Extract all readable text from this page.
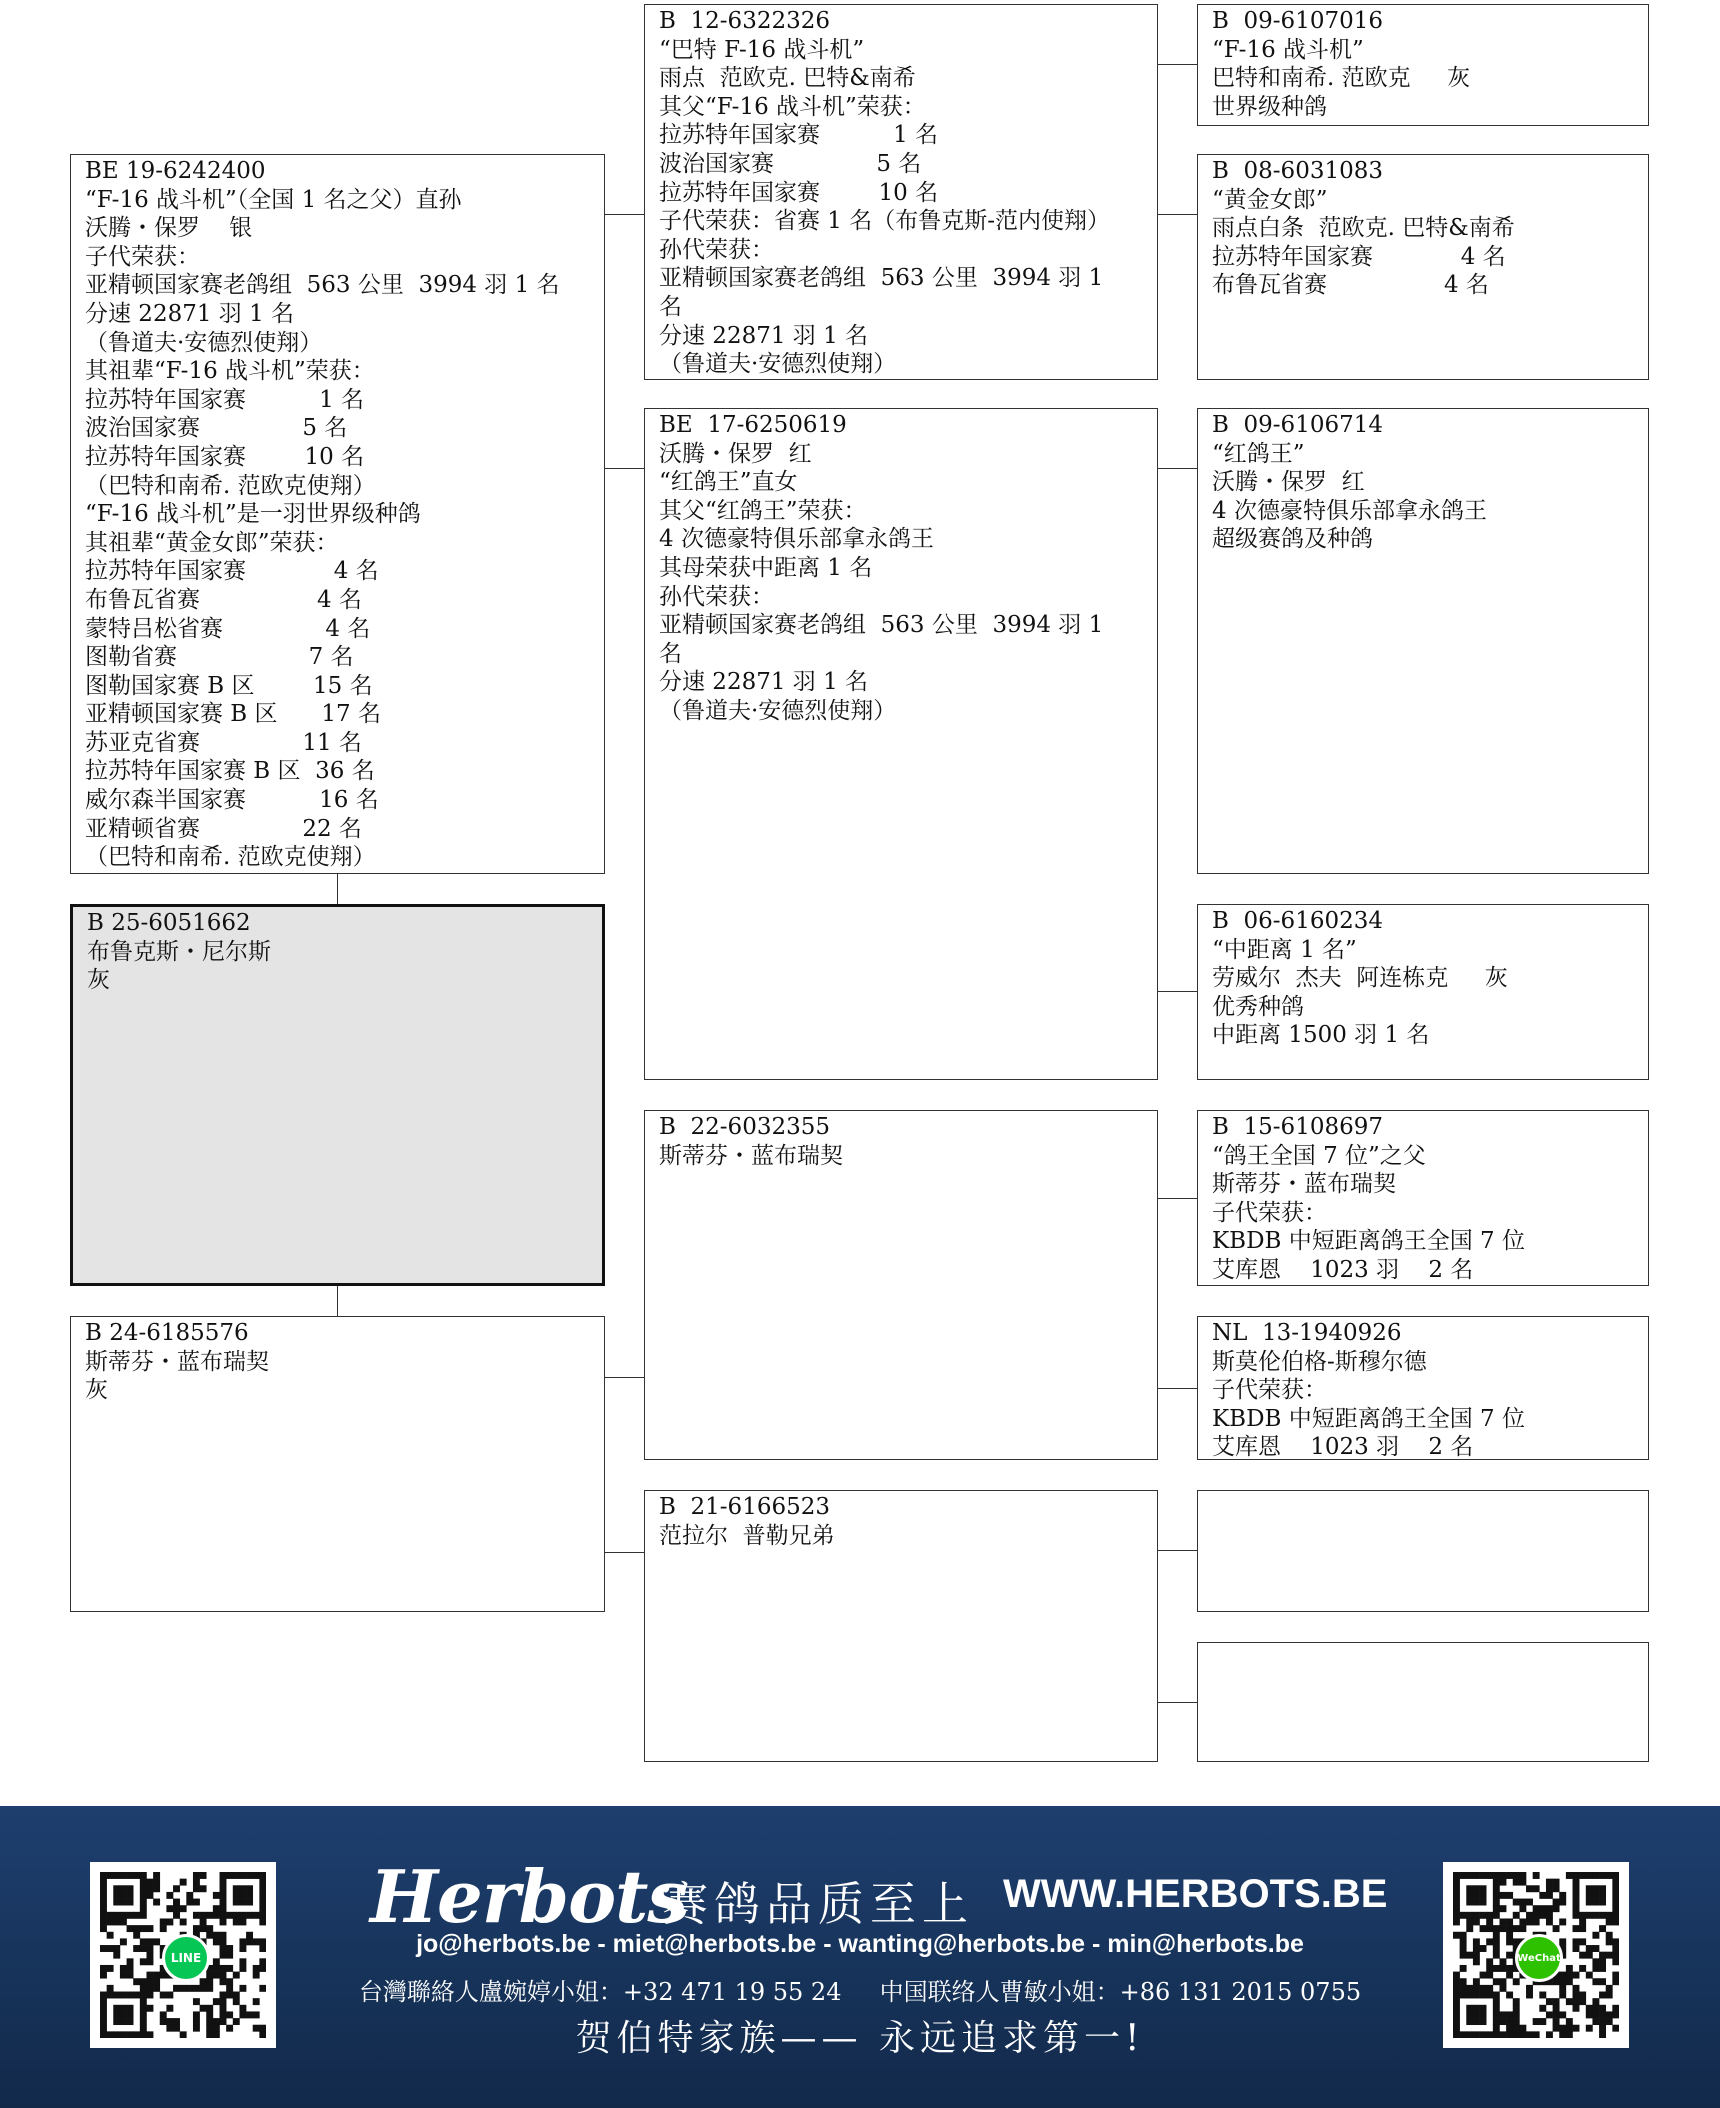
BE 19-6242400
“F-16 战斗机”（全国 1 名之父）直孙
沃腾・保罗    银
子代荣获：
亚精顿国家赛老鸽组  563 公里  3994 羽 1 名
分速 22871 羽 1 名
（鲁道夫·安德烈使翔）
其祖辈“F-16 战斗机”荣获：
拉苏特年国家赛          1 名
波治国家赛              5 名
拉苏特年国家赛        10 名
（巴特和南希. 范欧克使翔）
“F-16 战斗机”是一羽世界级种鸽
其祖辈“黄金女郎”荣获：
拉苏特年国家赛            4 名
布鲁瓦省赛                4 名
蒙特吕松省赛              4 名
图勒省赛                  7 名
图勒国家赛 B 区        15 名
亚精顿国家赛 B 区      17 名
苏亚克省赛              11 名
拉苏特年国家赛 B 区  36 名
威尔森半国家赛          16 名
亚精顿省赛              22 名
（巴特和南希. 范欧克使翔）
B 25-6051662
布鲁克斯・尼尔斯
灰
B 24-6185576
斯蒂芬・蓝布瑞契
灰
B  12-6322326
“巴特 F-16 战斗机”
雨点  范欧克. 巴特&南希
其父“F-16 战斗机”荣获：
拉苏特年国家赛          1 名
波治国家赛              5 名
拉苏特年国家赛        10 名
子代荣获：省赛 1 名（布鲁克斯-范内使翔）
孙代荣获：
亚精顿国家赛老鸽组  563 公里  3994 羽 1
名
分速 22871 羽 1 名
（鲁道夫·安德烈使翔）
BE  17-6250619
沃腾・保罗  红
“红鸽王”直女
其父“红鸽王”荣获：
4 次德豪特俱乐部拿永鸽王
其母荣获中距离 1 名
孙代荣获：
亚精顿国家赛老鸽组  563 公里  3994 羽 1
名
分速 22871 羽 1 名
（鲁道夫·安德烈使翔）
B  22-6032355
斯蒂芬・蓝布瑞契
B  21-6166523
范拉尔  普勒兄弟
B  09-6107016
“F-16 战斗机”
巴特和南希. 范欧克     灰
世界级种鸽
B  08-6031083
“黄金女郎”
雨点白条  范欧克. 巴特&南希
拉苏特年国家赛            4 名
布鲁瓦省赛                4 名
B  09-6106714
“红鸽王”
沃腾・保罗  红
4 次德豪特俱乐部拿永鸽王
超级赛鸽及种鸽
B  06-6160234
“中距离 1 名”
劳威尔  杰夫  阿连栋克     灰
优秀种鸽
中距离 1500 羽 1 名
B  15-6108697
“鸽王全国 7 位”之父
斯蒂芬・蓝布瑞契
子代荣获：
KBDB 中短距离鸽王全国 7 位
艾库恩    1023 羽    2 名
NL  13-1940926
斯莫伦伯格-斯穆尔德
子代荣获：
KBDB 中短距离鸽王全国 7 位
艾库恩    1023 羽    2 名
LINE
Herbots
赛鸽品质至上 WWW.HERBOTS.BE
jo@herbots.be - miet@herbots.be - wanting@herbots.be - min@herbots.be
台灣聯絡人盧婉婷小姐：+32 471 19 55 24     中国联络人曹敏小姐：+86 131 2015 0755
贺伯特家族—— 永远追求第一!
WeChat
